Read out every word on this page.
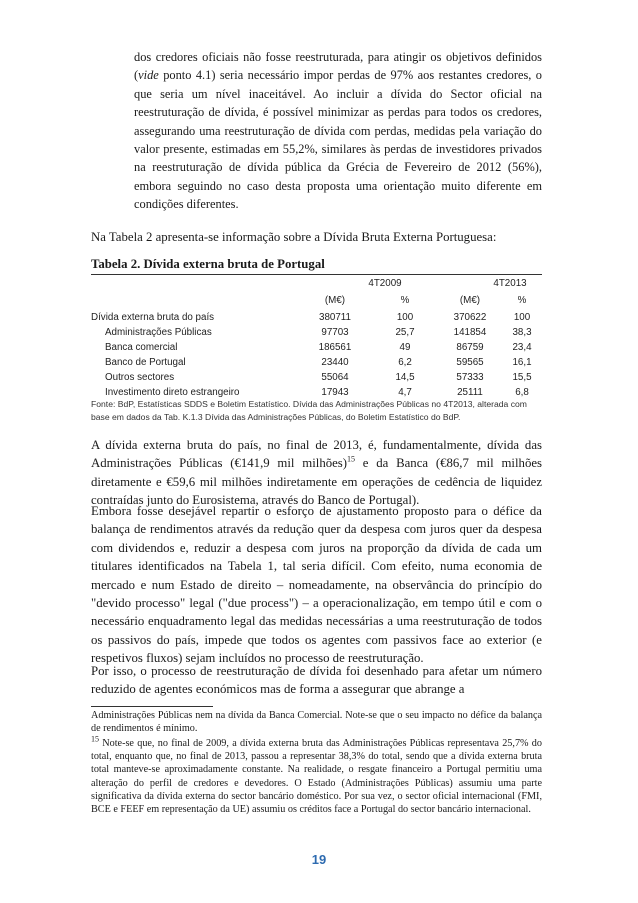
dos credores oficiais não fosse reestruturada, para atingir os objetivos definidos (vide ponto 4.1) seria necessário impor perdas de 97% aos restantes credores, o que seria um nível inaceitável. Ao incluir a dívida do Sector oficial na reestruturação de dívida, é possível minimizar as perdas para todos os credores, assegurando uma reestruturação de dívida com perdas, medidas pela variação do valor presente, estimadas em 55,2%, similares às perdas de investidores privados na reestruturação de dívida pública da Grécia de Fevereiro de 2012 (56%), embora seguindo no caso desta proposta uma orientação muito diferente em condições diferentes.

Na Tabela 2 apresenta-se informação sobre a Dívida Bruta Externa Portuguesa:

Tabela 2. Dívida externa bruta de Portugal
4T2009	4T2013
(M€)	%	(M€)	%
Dívida externa bruta do país	380711	100	370622	100
Administrações Públicas	97703	25,7	141854	38,3
Banca comercial	186561	49	86759	23,4
Banco de Portugal	23440	6,2	59565	16,1
Outros sectores	55064	14,5	57333	15,5
Investimento direto estrangeiro	17943	4,7	25111	6,8
Fonte: BdP, Estatísticas SDDS e Boletim Estatístico. Dívida das Administrações Públicas no 4T2013, alterada com base em dados da Tab. K.1.3 Dívida das Administrações Públicas, do Boletim Estatístico do BdP.

A dívida externa bruta do país, no final de 2013, é, fundamentalmente, dívida das Administrações Públicas (€141,9 mil milhões)$^{15}$ e da Banca (€86,7 mil milhões diretamente e €59,6 mil milhões indiretamente em operações de cedência de liquidez contraídas junto do Eurosistema, através do Banco de Portugal).

Embora fosse desejável repartir o esforço de ajustamento proposto para o défice da balança de rendimentos através da redução quer da despesa com juros quer da despesa com dividendos e, reduzir a despesa com juros na proporção da dívida de cada um titulares identificados na Tabela 1, tal seria difícil. Com efeito, numa economia de mercado e num Estado de direito – nomeadamente, na observância do princípio do "devido processo" legal ("due process") – a operacionalização, em tempo útil e com o necessário enquadramento legal das medidas necessárias a uma reestruturação de todos os passivos do país, impede que todos os agentes com passivos face ao exterior (e respetivos fluxos) sejam incluídos no processo de reestruturação.

Por isso, o processo de reestruturação de dívida foi desenhado para afetar um número reduzido de agentes económicos mas de forma a assegurar que abrange a

Administrações Públicas nem na dívida da Banca Comercial. Note-se que o seu impacto no défice da balança de rendimentos é mínimo.
$^{15}$ Note-se que, no final de 2009, a dívida externa bruta das Administrações Públicas representava 25,7% do total, enquanto que, no final de 2013, passou a representar 38,3% do total, sendo que a dívida externa bruta total manteve-se aproximadamente constante. Na realidade, o resgate financeiro a Portugal permitiu uma alteração do perfil de credores e devedores. O Estado (Administrações Públicas) assumiu uma parte significativa da dívida externa do sector bancário doméstico. Por sua vez, o sector oficial internacional (FMI, BCE e FEEF em representação da UE) assumiu os créditos face a Portugal do sector bancário internacional.
19
